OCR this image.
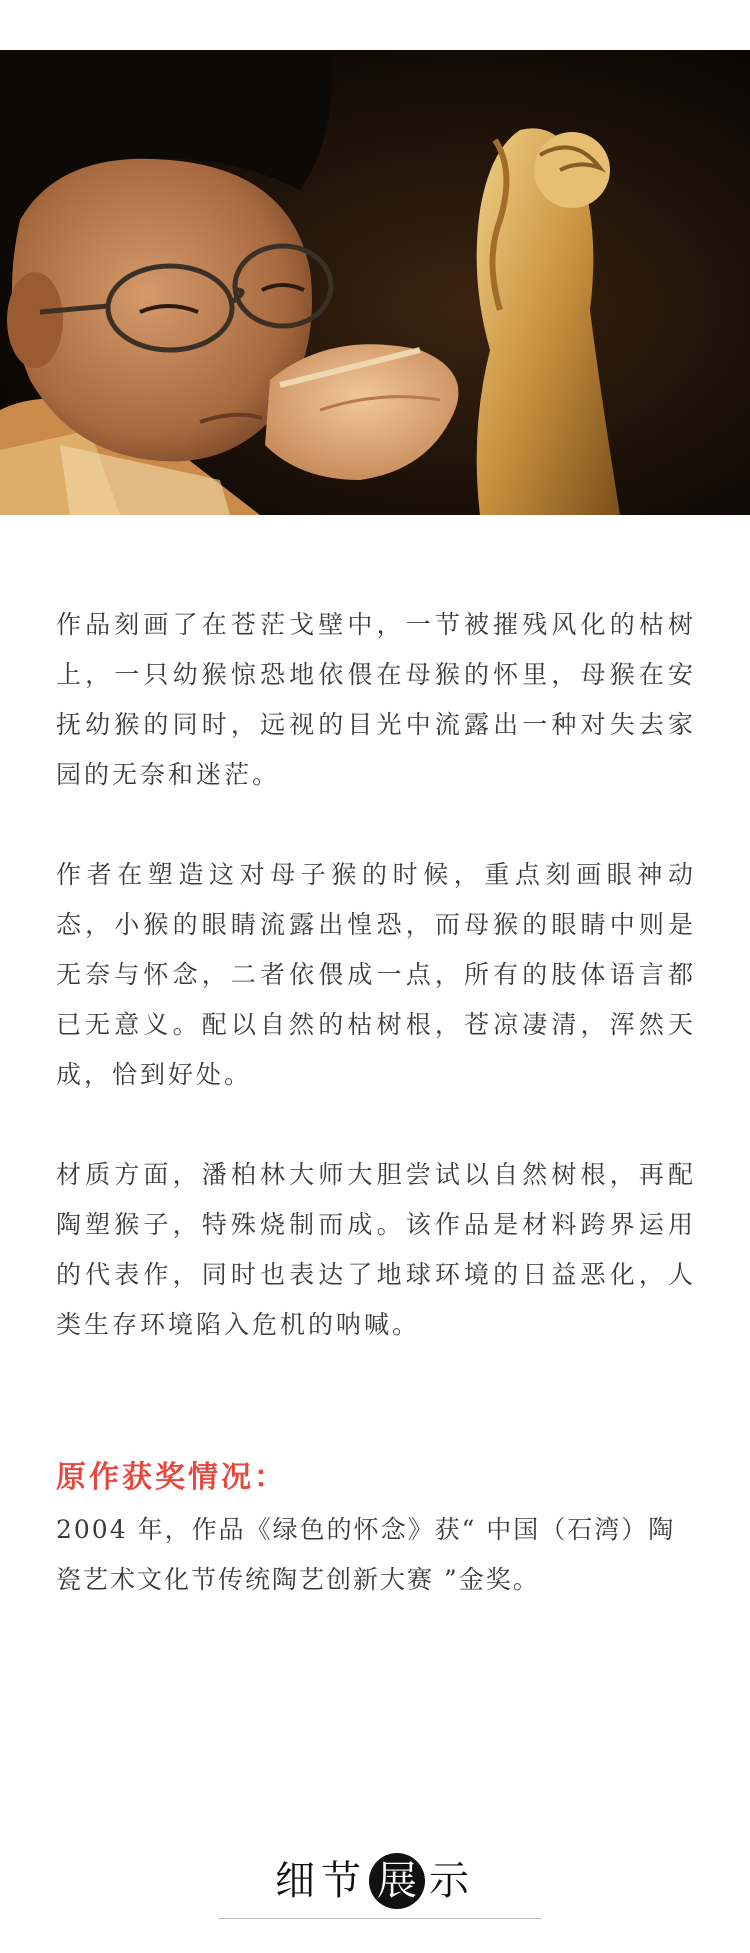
作品刻画了在苍茫戈壁中，一节被摧残风化的枯树上，一只幼猴惊恐地依偎在母猴的怀里，母猴在安抚幼猴的同时，远视的目光中流露出一种对失去家园的无奈和迷茫。

作者在塑造这对母子猴的时候，重点刻画眼神动态，小猴的眼睛流露出惶恐，而母猴的眼睛中则是无奈与怀念，二者依偎成一点，所有的肢体语言都已无意义。配以自然的枯树根，苍凉凄清，浑然天成，恰到好处。

材质方面，潘柏林大师大胆尝试以自然树根，再配陶塑猴子，特殊烧制而成。该作品是材料跨界运用的代表作，同时也表达了地球环境的日益恶化，人类生存环境陷入危机的呐喊。

原作获奖情况：

2004 年，作品《绿色的怀念》获“ 中国（石湾）陶瓷艺术文化节传统陶艺创新大赛 ”金奖。

细节 展 示
